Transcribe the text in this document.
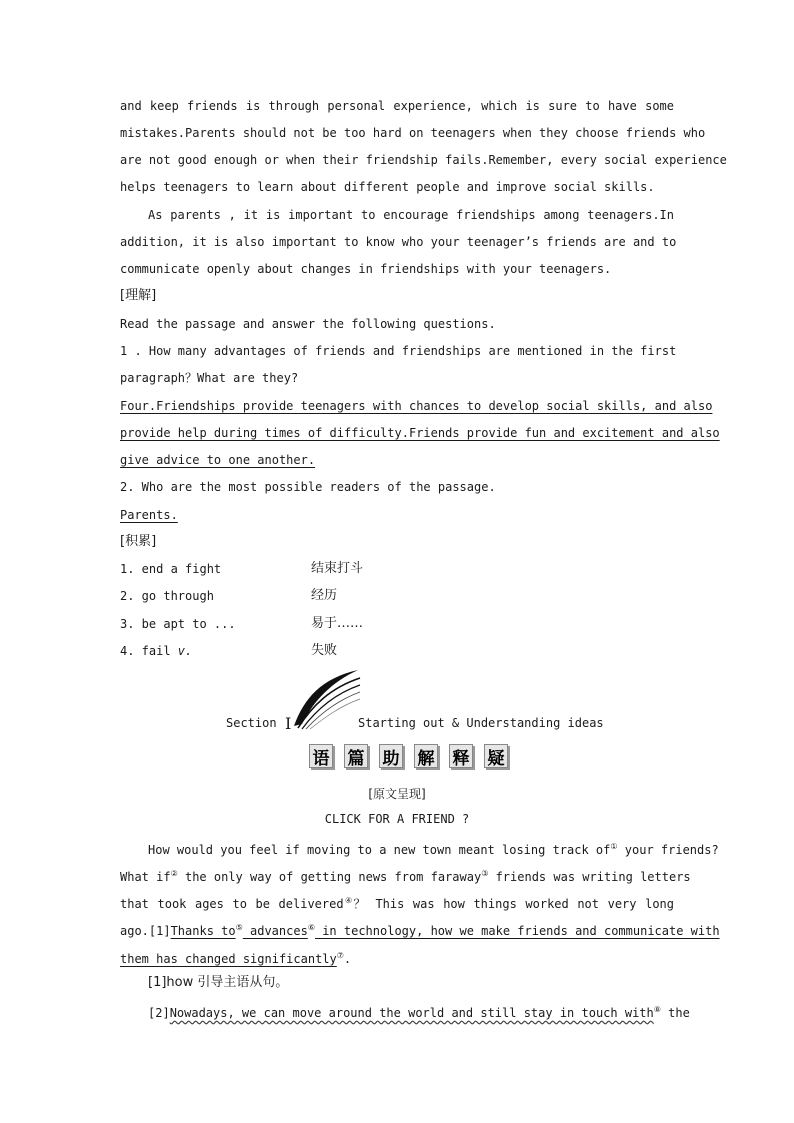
and keep friends is through personal experience, which is sure to have some
mistakes.Parents should not be too hard on teenagers when they choose friends who
are not good enough or when their friendship fails.Remember, every social experience
helps teenagers to learn about different people and improve social skills.
As parents , it is important to encourage friendships among teenagers.In
addition, it is also important to know who your teenager’s friends are and to
communicate openly about changes in friendships with your teenagers.
[理解]
Read the passage and answer the following questions.
1 . How many advantages of friends and friendships are mentioned in the first
paragraph？What are they?
Four.Friendships provide teenagers with chances to develop social skills, and also
provide help during times of difficulty.Friends provide fun and excitement and also
give advice to one another.
2. Who are the most possible readers of the passage.
Parents.
[积累]
1. end a fight	结束打斗
2. go through	经历
3. be apt to ...	易于……
4. fail v.	失败
Section Ⅰ	Starting out & Understanding ideas
语 篇 助 解 释 疑
[原文呈现]
CLICK FOR A FRIEND ?
How would you feel if moving to a new town meant losing track of① your friends?
What if② the only way of getting news from faraway③ friends was writing letters
that took ages to be delivered④？ This was how things worked not very long
ago.[1]Thanks to⑤ advances⑥ in technology, how we make friends and communicate with
them has changed significantly⑦.
[1]how 引导主语从句。
[2]Nowadays, we can move around the world and still stay in touch with⑧ the
